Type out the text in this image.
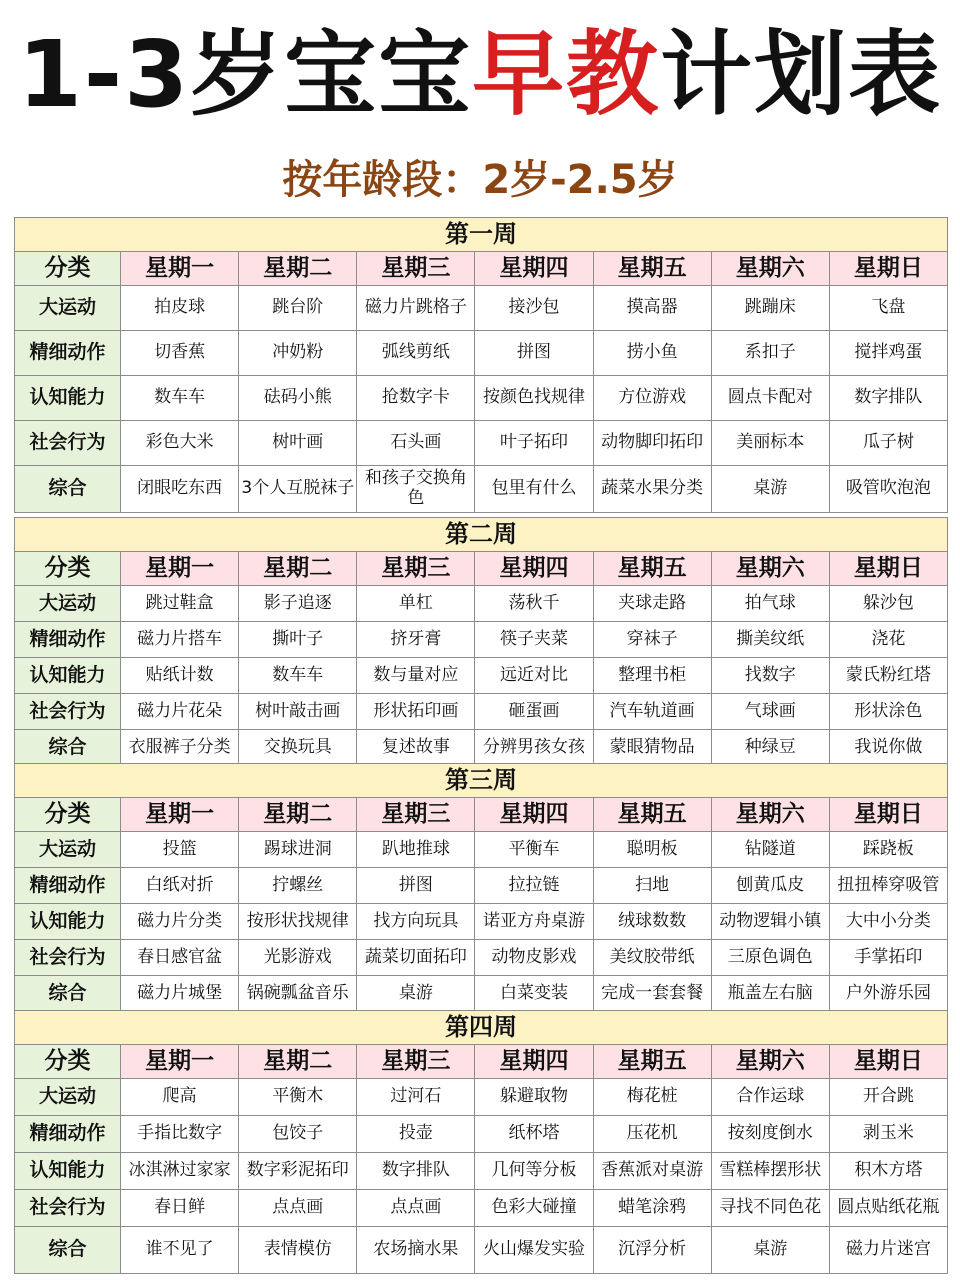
1-3岁宝宝早教计划表
按年龄段：2岁-2.5岁
第一周							
分类	星期一	星期二	星期三	星期四	星期五	星期六	星期日
大运动	拍皮球	跳台阶	磁力片跳格子	接沙包	摸高器	跳蹦床	飞盘
精细动作	切香蕉	冲奶粉	弧线剪纸	拼图	捞小鱼	系扣子	搅拌鸡蛋
认知能力	数车车	砝码小熊	抢数字卡	按颜色找规律	方位游戏	圆点卡配对	数字排队
社会行为	彩色大米	树叶画	石头画	叶子拓印	动物脚印拓印	美丽标本	瓜子树
综合	闭眼吃东西	3个人互脱袜子	和孩子交换角色	包里有什么	蔬菜水果分类	桌游	吸管吹泡泡
第二周							
分类	星期一	星期二	星期三	星期四	星期五	星期六	星期日
大运动	跳过鞋盒	影子追逐	单杠	荡秋千	夹球走路	拍气球	躲沙包
精细动作	磁力片搭车	撕叶子	挤牙膏	筷子夹菜	穿袜子	撕美纹纸	浇花
认知能力	贴纸计数	数车车	数与量对应	远近对比	整理书柜	找数字	蒙氏粉红塔
社会行为	磁力片花朵	树叶敲击画	形状拓印画	砸蛋画	汽车轨道画	气球画	形状涂色
综合	衣服裤子分类	交换玩具	复述故事	分辨男孩女孩	蒙眼猜物品	种绿豆	我说你做
第三周							
分类	星期一	星期二	星期三	星期四	星期五	星期六	星期日
大运动	投篮	踢球进洞	趴地推球	平衡车	聪明板	钻隧道	踩跷板
精细动作	白纸对折	拧螺丝	拼图	拉拉链	扫地	刨黄瓜皮	扭扭棒穿吸管
认知能力	磁力片分类	按形状找规律	找方向玩具	诺亚方舟桌游	绒球数数	动物逻辑小镇	大中小分类
社会行为	春日感官盆	光影游戏	蔬菜切面拓印	动物皮影戏	美纹胶带纸	三原色调色	手掌拓印
综合	磁力片城堡	锅碗瓢盆音乐	桌游	白菜变装	完成一套套餐	瓶盖左右脑	户外游乐园
第四周							
分类	星期一	星期二	星期三	星期四	星期五	星期六	星期日
大运动	爬高	平衡木	过河石	躲避取物	梅花桩	合作运球	开合跳
精细动作	手指比数字	包饺子	投壶	纸杯塔	压花机	按刻度倒水	剥玉米
认知能力	冰淇淋过家家	数字彩泥拓印	数字排队	几何等分板	香蕉派对桌游	雪糕棒摆形状	积木方塔
社会行为	春日鲜	点点画	点点画	色彩大碰撞	蜡笔涂鸦	寻找不同色花	圆点贴纸花瓶
综合	谁不见了	表情模仿	农场摘水果	火山爆发实验	沉浮分析	桌游	磁力片迷宫
